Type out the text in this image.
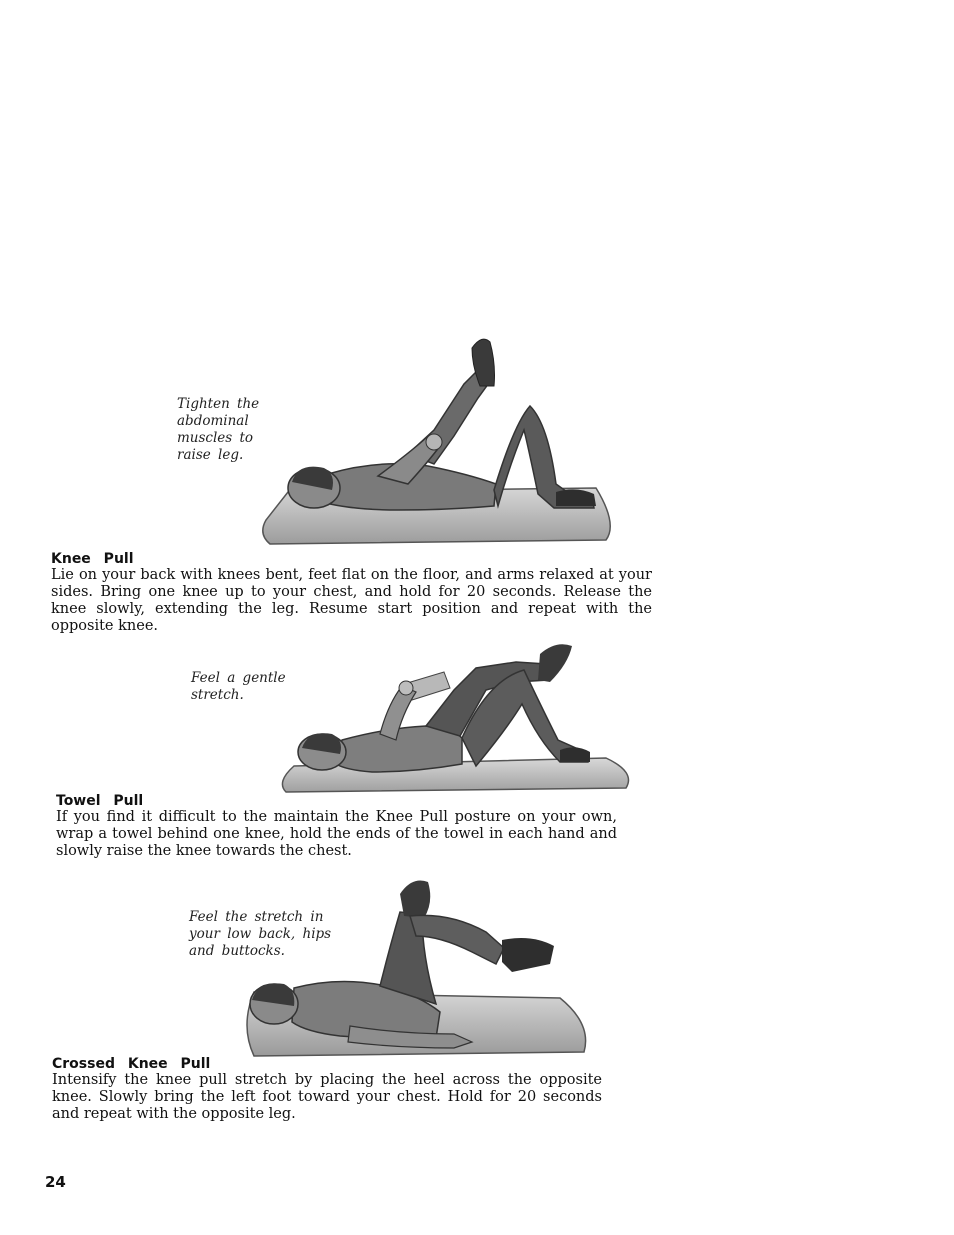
Tighten the abdominal muscles to raise leg.
Knee Pull
Lie on your back with knees bent, feet flat on the floor, and arms relaxed at your sides. Bring one knee up to your chest, and hold for 20 seconds. Release the knee slowly, extending the leg. Resume start position and repeat with the opposite knee.
Feel a gentle stretch.
Towel Pull
If you find it difficult to the maintain the Knee Pull posture on your own, wrap a towel behind one knee, hold the ends of the towel in each hand and slowly raise the knee towards the chest.
Feel the stretch in your low back, hips and buttocks.
Crossed Knee Pull
Intensify the knee pull stretch by placing the heel across the opposite knee. Slowly bring the left foot toward your chest. Hold for 20 seconds and repeat with the opposite leg.
24
